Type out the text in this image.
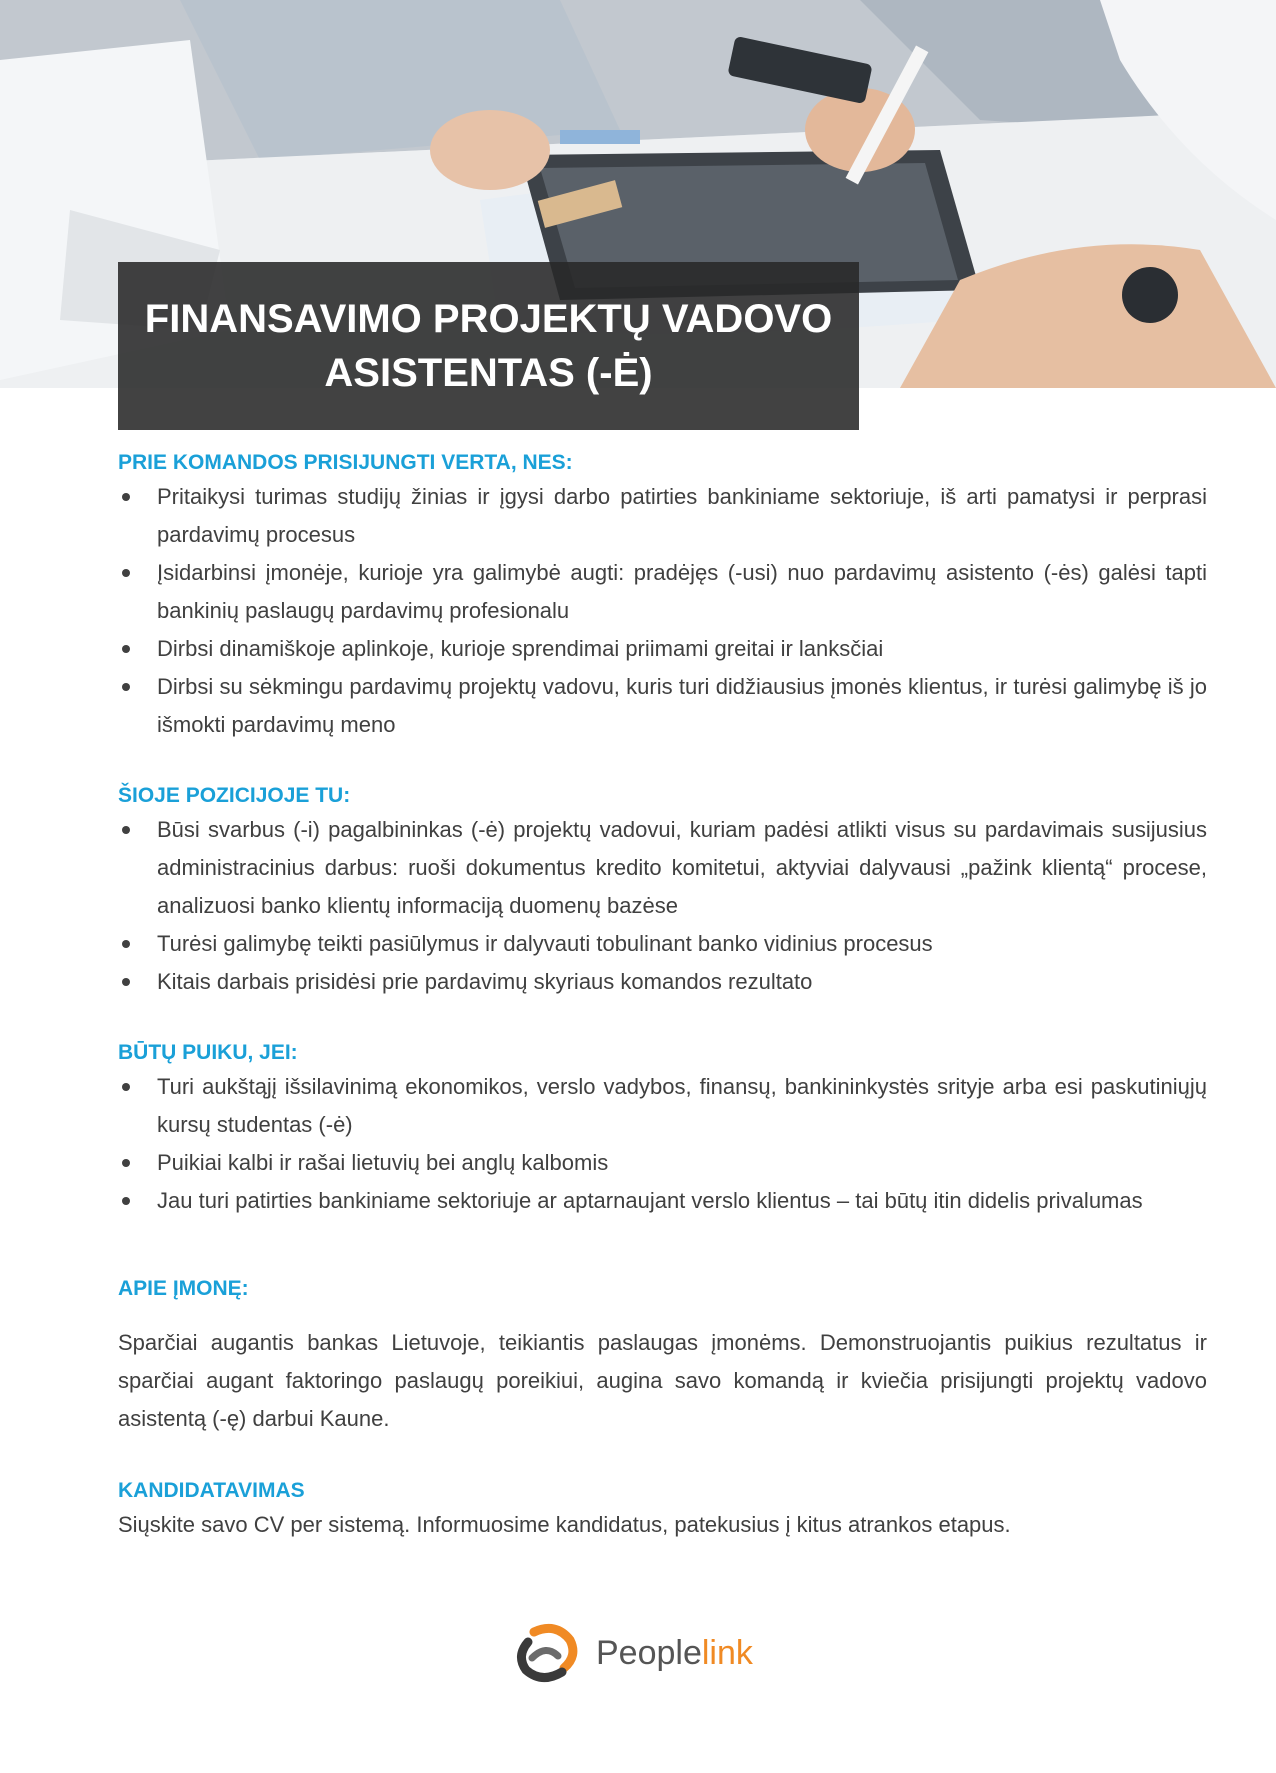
FINANSAVIMO PROJEKTŲ VADOVO
ASISTENTAS (-Ė)
PRIE KOMANDOS PRISIJUNGTI VERTA, NES:
Pritaikysi turimas studijų žinias ir įgysi darbo patirties bankiniame sektoriuje, iš arti pamatysi ir perprasi pardavimų procesus
Įsidarbinsi įmonėje, kurioje yra galimybė augti: pradėjęs (-usi) nuo pardavimų asistento (-ės) galėsi tapti bankinių paslaugų pardavimų profesionalu
Dirbsi dinamiškoje aplinkoje, kurioje sprendimai priimami greitai ir lanksčiai
Dirbsi su sėkmingu pardavimų projektų vadovu, kuris turi didžiausius įmonės klientus, ir turėsi galimybę iš jo išmokti pardavimų meno
ŠIOJE POZICIJOJE TU:
Būsi svarbus (-i) pagalbininkas (-ė) projektų vadovui, kuriam padėsi atlikti visus su pardavimais susijusius administracinius darbus: ruoši dokumentus kredito komitetui, aktyviai dalyvausi „pažink klientą“ procese, analizuosi banko klientų informaciją duomenų bazėse
Turėsi galimybę teikti pasiūlymus ir dalyvauti tobulinant banko vidinius procesus
Kitais darbais prisidėsi prie pardavimų skyriaus komandos rezultato
BŪTŲ PUIKU, JEI:
Turi aukštąjį išsilavinimą ekonomikos, verslo vadybos, finansų, bankininkystės srityje arba esi paskutiniųjų kursų studentas (-ė)
Puikiai kalbi ir rašai lietuvių bei anglų kalbomis
Jau turi patirties bankiniame sektoriuje ar aptarnaujant verslo klientus – tai būtų itin didelis privalumas
APIE ĮMONĘ:

Sparčiai augantis bankas Lietuvoje, teikiantis paslaugas įmonėms. Demonstruojantis puikius rezultatus ir sparčiai augant faktoringo paslaugų poreikiui, augina savo komandą ir kviečia prisijungti projektų vadovo asistentą (-ę) darbui Kaune.

KANDIDATAVIMAS

Siųskite savo CV per sistemą. Informuosime kandidatus, patekusius į kitus atrankos etapus.

Peoplelink
